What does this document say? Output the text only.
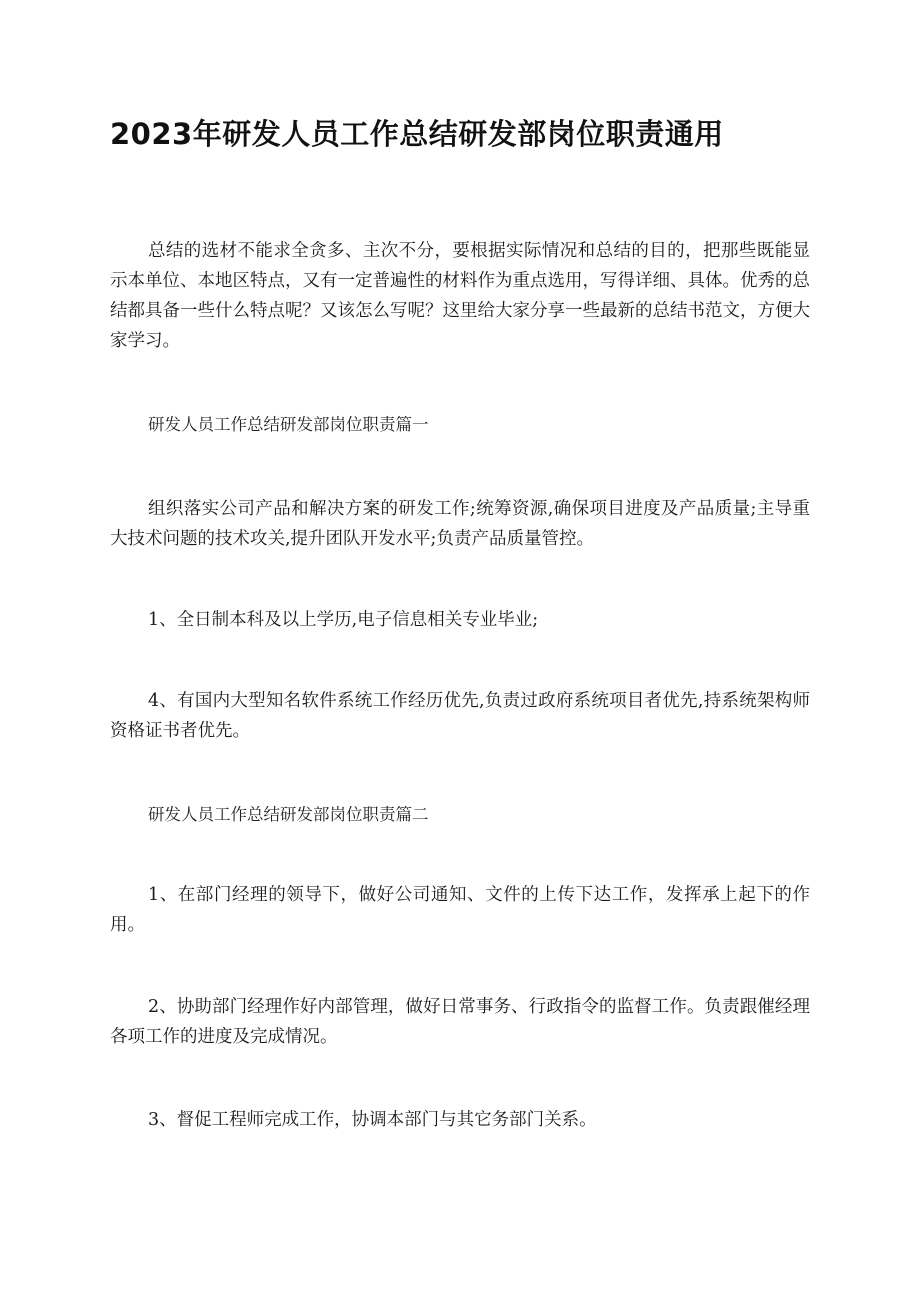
2023年研发人员工作总结研发部岗位职责通用

总结的选材不能求全贪多、主次不分，要根据实际情况和总结的目的，把那些既能显示本单位、本地区特点，又有一定普遍性的材料作为重点选用，写得详细、具体。优秀的总结都具备一些什么特点呢？又该怎么写呢？这里给大家分享一些最新的总结书范文，方便大家学习。

研发人员工作总结研发部岗位职责篇一

组织落实公司产品和解决方案的研发工作;统筹资源,确保项目进度及产品质量;主导重大技术问题的技术攻关,提升团队开发水平;负责产品质量管控。

1、全日制本科及以上学历,电子信息相关专业毕业;

4、有国内大型知名软件系统工作经历优先,负责过政府系统项目者优先,持系统架构师资格证书者优先。

研发人员工作总结研发部岗位职责篇二

1、在部门经理的领导下，做好公司通知、文件的上传下达工作，发挥承上起下的作用。

2、协助部门经理作好内部管理，做好日常事务、行政指令的监督工作。负责跟催经理各项工作的进度及完成情况。

3、督促工程师完成工作，协调本部门与其它务部门关系。
